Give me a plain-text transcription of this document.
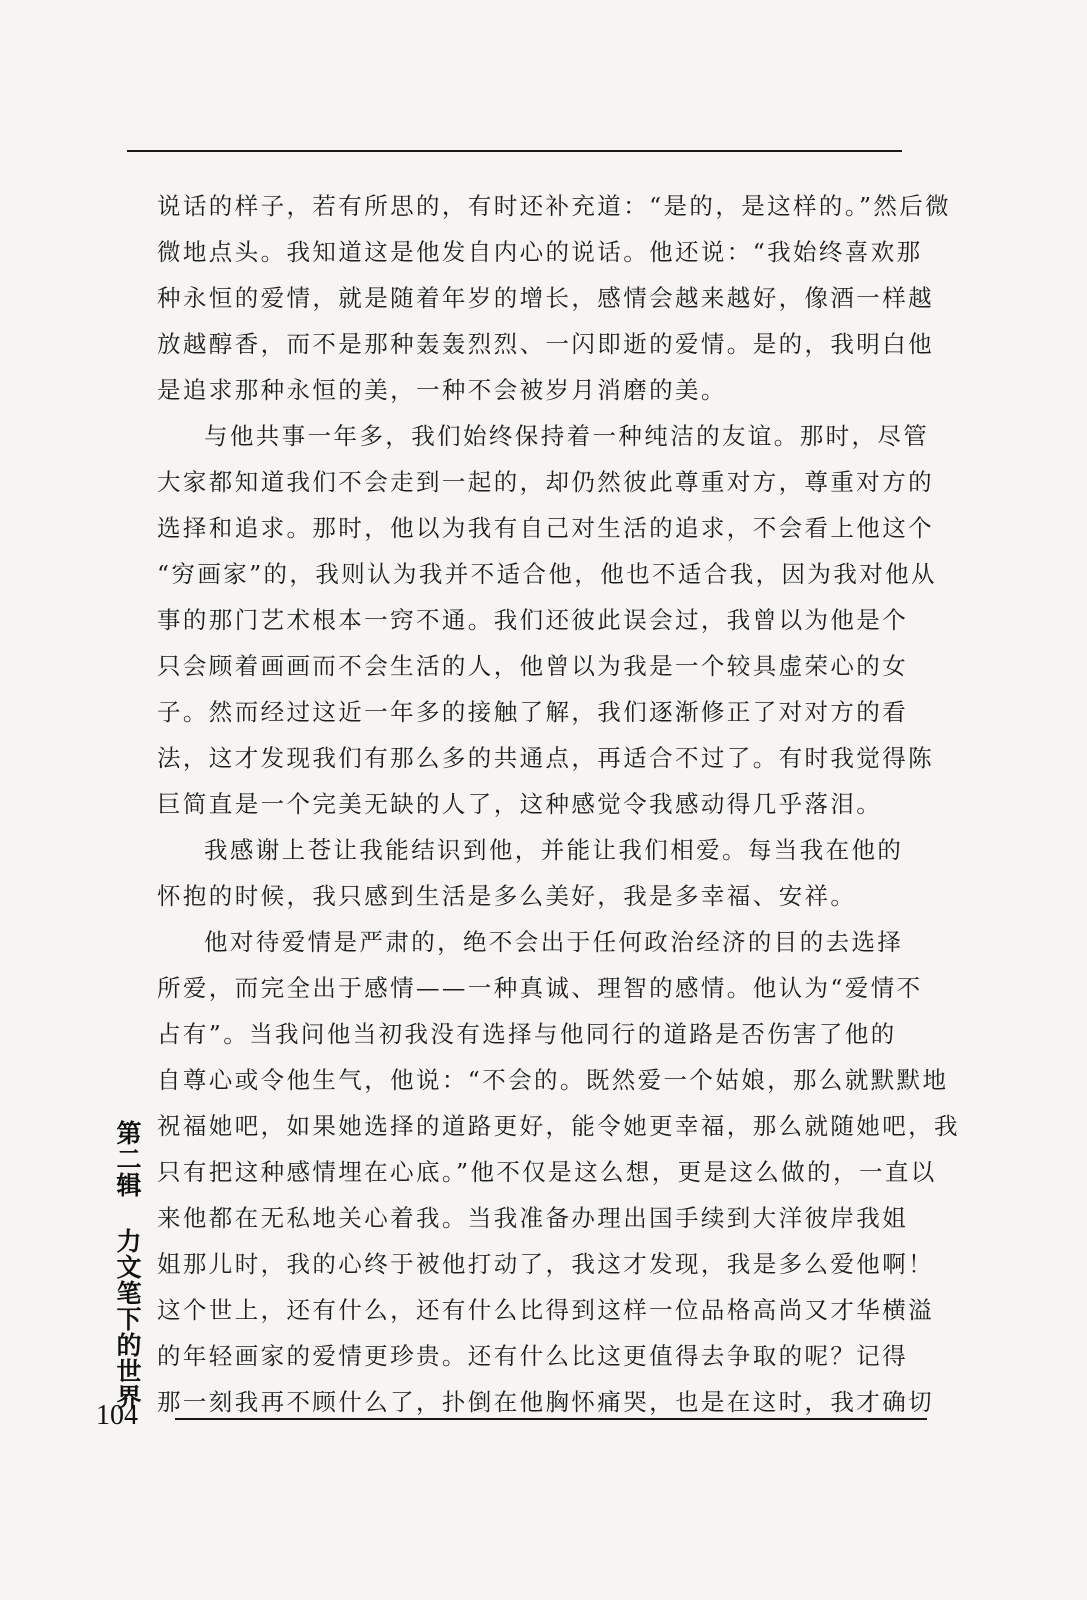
说话的样子，若有所思的，有时还补充道：“是的，是这样的。”然后微
微地点头。我知道这是他发自内心的说话。他还说：“我始终喜欢那
种永恒的爱情，就是随着年岁的增长，感情会越来越好，像酒一样越
放越醇香，而不是那种轰轰烈烈、一闪即逝的爱情。是的，我明白他
是追求那种永恒的美，一种不会被岁月消磨的美。
与他共事一年多，我们始终保持着一种纯洁的友谊。那时，尽管
大家都知道我们不会走到一起的，却仍然彼此尊重对方，尊重对方的
选择和追求。那时，他以为我有自己对生活的追求，不会看上他这个
“穷画家”的，我则认为我并不适合他，他也不适合我，因为我对他从
事的那门艺术根本一窍不通。我们还彼此误会过，我曾以为他是个
只会顾着画画而不会生活的人，他曾以为我是一个较具虚荣心的女
子。然而经过这近一年多的接触了解，我们逐渐修正了对对方的看
法，这才发现我们有那么多的共通点，再适合不过了。有时我觉得陈
巨简直是一个完美无缺的人了，这种感觉令我感动得几乎落泪。
我感谢上苍让我能结识到他，并能让我们相爱。每当我在他的
怀抱的时候，我只感到生活是多么美好，我是多幸福、安祥。
他对待爱情是严肃的，绝不会出于任何政治经济的目的去选择
所爱，而完全出于感情——一种真诚、理智的感情。他认为“爱情不
占有”。当我问他当初我没有选择与他同行的道路是否伤害了他的
自尊心或令他生气，他说：“不会的。既然爱一个姑娘，那么就默默地
祝福她吧，如果她选择的道路更好，能令她更幸福，那么就随她吧，我
只有把这种感情埋在心底。”他不仅是这么想，更是这么做的，一直以
来他都在无私地关心着我。当我准备办理出国手续到大洋彼岸我姐
姐那儿时，我的心终于被他打动了，我这才发现，我是多么爱他啊！
这个世上，还有什么，还有什么比得到这样一位品格高尚又才华横溢
的年轻画家的爱情更珍贵。还有什么比这更值得去争取的呢？记得
那一刻我再不顾什么了，扑倒在他胸怀痛哭，也是在这时，我才确切
第二辑 力文笔下的世界
104
